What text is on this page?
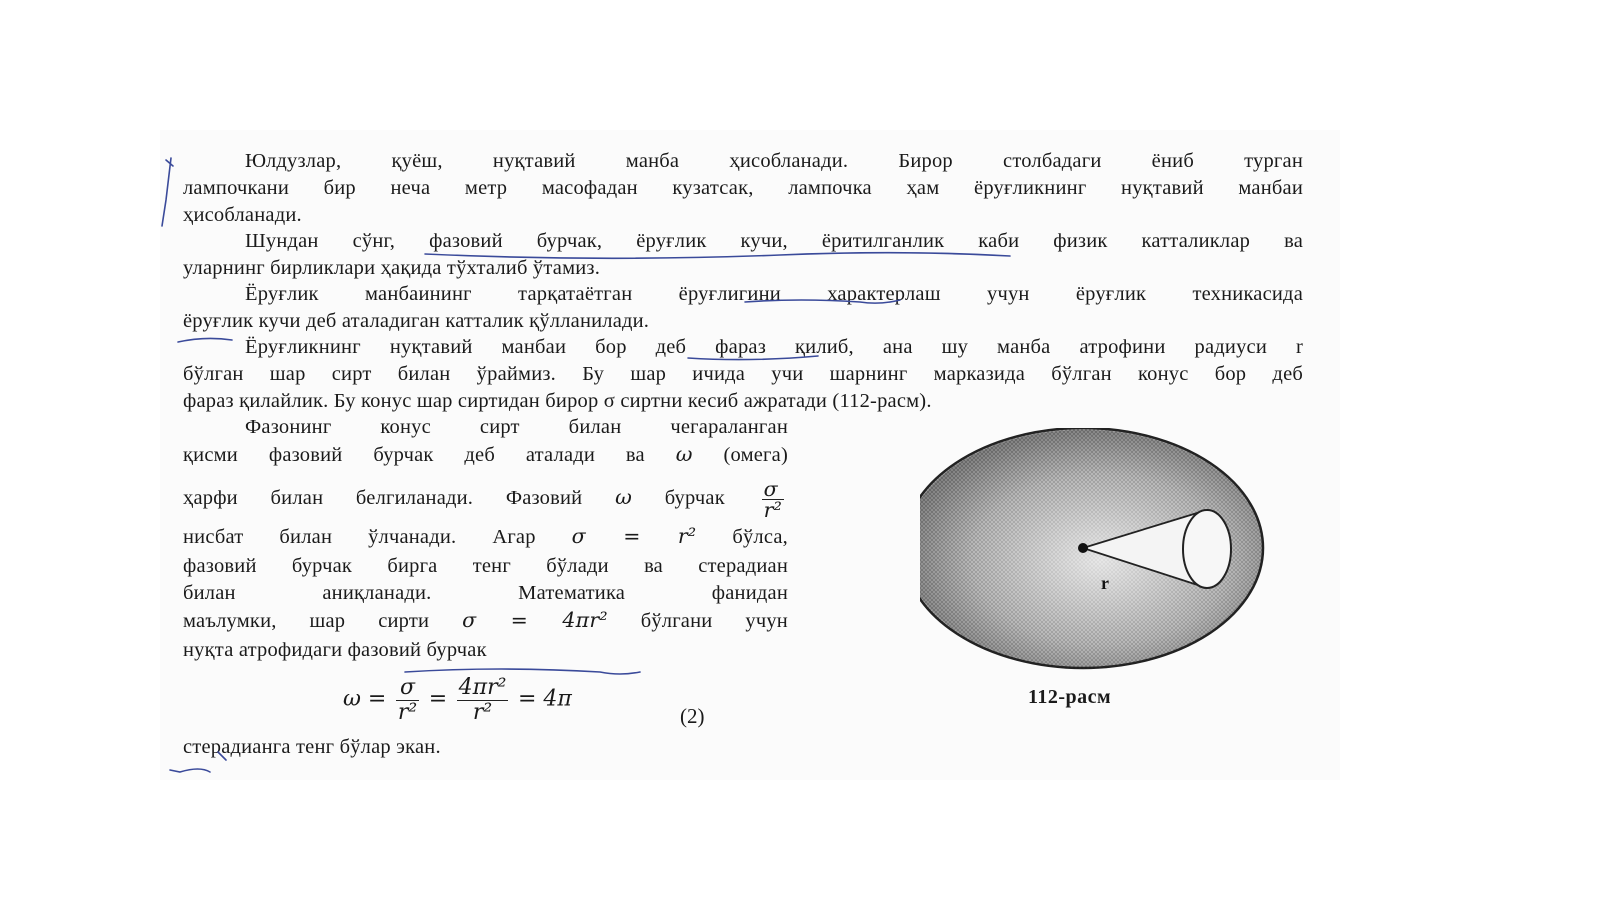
Юлдузлар, қуёш, нуқтавий манба ҳисобланади. Бирор столбадаги ёниб турган
лампочкани бир неча метр масофадан кузатсак, лампочка ҳам ёруғликнинг нуқтавий манбаи
ҳисобланади.
Шундан сўнг, фазовий бурчак, ёруғлик кучи, ёритилганлик каби физик катталиклар ва
уларнинг бирликлари ҳақида тўхталиб ўтамиз.
Ёруғлик манбаининг тарқатаётган ёруғлигини характерлаш учун ёруғлик техникасида
ёруғлик кучи деб аталадиган катталик қўлланилади.
Ёруғликнинг нуқтавий манбаи бор деб фараз қилиб, ана шу манба атрофини радиуси r
бўлган шар сирт билан ўраймиз. Бу шар ичида учи шарнинг марказида бўлган конус бор деб
фараз қилайлик. Бу конус шар сиртидан бирор σ сиртни кесиб ажратади (112-расм).
Фазонинг конус сирт билан чегараланган
қисми фазовий бурчак деб аталади ва ω (омега)
ҳарфи билан белгиланади. Фазовий ω бурчак $\frac{\sigma}{\text{r²}}$
нисбат билан ўлчанади. Агар σ = r² бўлса,
фазовий бурчак бирга тенг бўлади ва стерадиан
билан аниқланади. Математика фанидан
маълумки, шар сирти σ = 4πr² бўлгани учун
нуқта атрофидаги фазовий бурчак
$\omega = \frac{\sigma}{\text{r²}} = \frac{\text{4πr²}}{\text{r²}} = 4\pi$
(2)
стерадианга тенг бўлар экан.
r
112-расм
